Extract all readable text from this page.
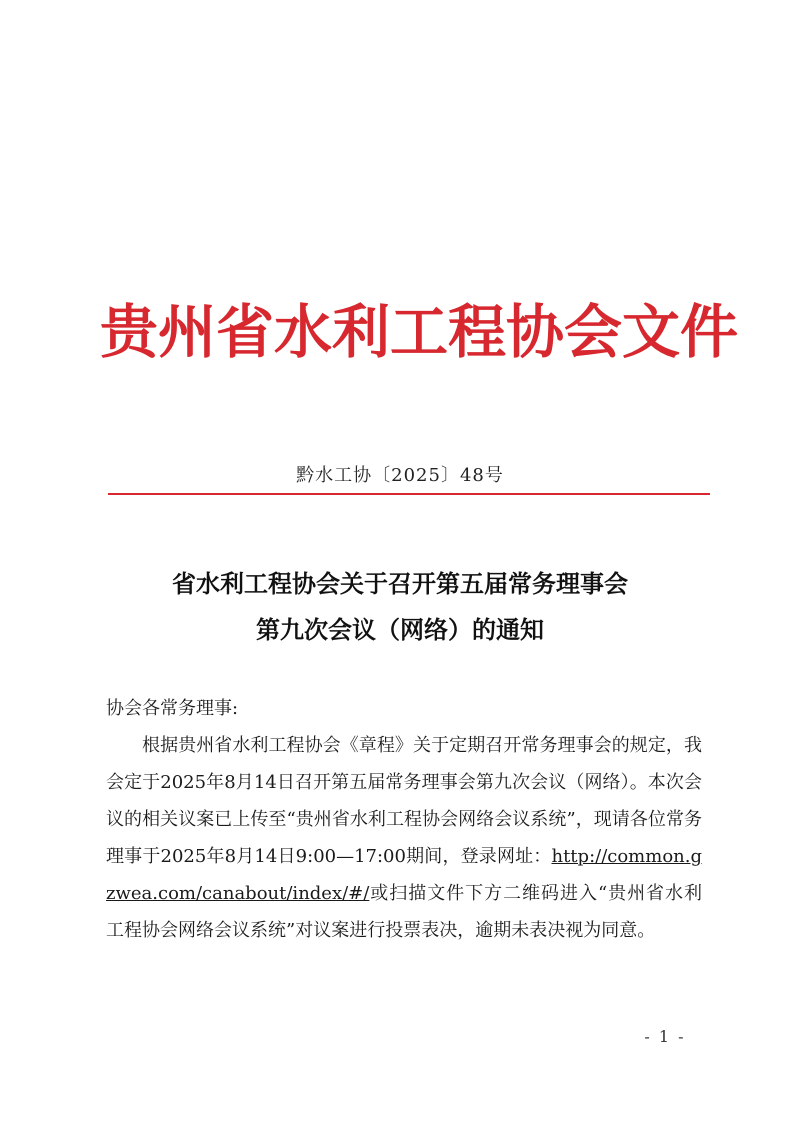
贵州省水利工程协会文件
黔水工协〔2025〕48号
省水利工程协会关于召开第五届常务理事会
第九次会议（网络）的通知
协会各常务理事:
根据贵州省水利工程协会《章程》关于定期召开常务理事会的规定，我会定于2025年8月14日召开第五届常务理事会第九次会议（网络）。本次会议的相关议案已上传至“贵州省水利工程协会网络会议系统”，现请各位常务理事于2025年8月14日9:00—17:00期间，登录网址：http://common.gzwea.com/canabout/index/#/或扫描文件下方二维码进入“贵州省水利工程协会网络会议系统”对议案进行投票表决，逾期未表决视为同意。
- 1 -
